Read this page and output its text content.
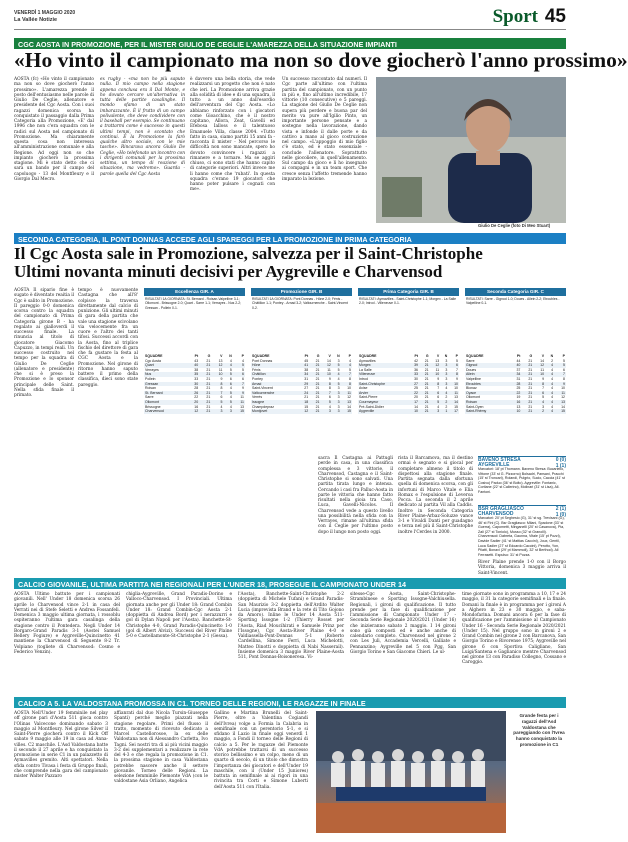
VENERDÌ 1 MAGGIO 2020
La Vallée Notizie	Sport 45
CGC AOSTA IN PROMOZIONE, PER IL MISTER GIULIO DE CEGLIE L'AMAREZZA DELLA SITUAZIONE IMPIANTI
«Ho vinto il campionato ma non so dove giocherò l'anno prossimo»
AOSTA (fc) «Ho vinto il campionato ma non so dove giocherò l'anno prossimo». L'amarezza prende il posto dell'entusiasmo nelle parole di Giulio De Ceglie, allenatore e presidente del Cgc Aosta. Con i suoi ragazzi domenica scorsa ha conquistato il passaggio dalla Prima Categoria alla Promozione, «E' dal 1996 che non c'era squadra con le radici sul Aosta nel campionato di Promozione. Ma chiaramente questa cosa non interessa all'amministrazione comunale e alla Regione. Ad oggi non so che impianto giocherò la prossima stagione. Mi è stato detto che ci sarà un bando per il campo del capoluogo - 13 del Montfleury e il Giorgio Dal Mecro.
ex rugby - «ma non ho più saputo nulla. Il mio campo nella stagione appena conclusa era il Dal Monte, e ho dovuto cercare un'alternativa in tutta delle partite casalinghe. Il mondo sfamo di un stato imbarazzante. È il frutto di un campo polivalente, che deve condividere con il baseball per esempio. Se continuano a trattarmi come è successo in questi ultimi tempi, non è scontato che continui. E la Promozione la farò qualche altro sociale, con le mie tasche». Rincarava ancora Giulio De Ceglie, «Ho telefonato un incontro con i dirigenti comunali per la prossima settima, un tempo di reazione di situazione, ma vedremo». Guarda - parole quella del Cgc Aosta
è davvero una bella storia, che vede realizzarsi un progetto che non è nato che ieri. La Promozione arriva grazie alla solidità di idee e di una squadra, il tutto a un anno dall'esordio dell'avventura del Cgc Aosta. «Lo abbiamo rinforzato con i giocatori come Gioacchino, che è il nostro capitano, Allora, Zeat, Gavelli ed Efebosa Ialloss e il talentuoso Emanuele Villa, classe 2004. «Tutto fatto in casa, siamo partiti 15 anni fa - racconta il mister - Nel percorso le difficoltà non sono mancate, spero ho dovuto convincere i ragazzi a rimanere e a tornare. Ma se aggiri chiuso, ci sono stati che hanno capito di categorie superiori. Altri invece me li hanno come che 'rubati'. In questa squadra c'erano 19 giocatori che hanno poter pulsare i cognati con me».
Un successo raccontato dal numeri. Il Cgc parte all'ultimo con l'ultima partita del campionato, con un punto in più e, fino all'ultimo incredibile, 17 vittorie (10 consecutive) e 5 pareggi. La stagione del Giulio De Ceglie non supera più perdere e buona par del merito va pure all'Igilio Pinto, un importante persone pensate e a sostegno nella lavorazione, dando vista e infonde il dalle porte e da cattivo a mano al gioco costruzione nel campo. «L'appoggio di mio figlio c'è stato, ed è stato essenziale - conclude l'allenatore. Soprattutto nelle giocoliere, in quell'allenamento. Sul campo da gioco e lì ho insegnato ai compagni e in un team sport. Che cresce senza l'affetto tremende hanno imparato la lezione.
Giulio De Ceglie (foto Di Meo Stuart)
SECONDA CATEGORIA, IL PONT DONNAS ACCEDE AGLI SPAREGGI PER LA PROMOZIONE IN PRIMA CATEGORIA
Il Cgc Aosta sale in Promozione, salvezza per il Saint-Christophe
Ultimi novanta minuti decisivi per Aygreville e Charvensod
AOSTA Il sipario fine è sugato è diventato reaitia il Cgc è salito in Promozione. Il pareggio 0-0 domenica scorsa contro la squadra del campionato di Prima Categoria girone B - ha regalato ai gialloverdi il successo finale. La rinuncia al titolo di giocatore Giacomo Capuzzo, in tempi reali. Un successo costruito nel tempo per la squadra di Giulio De Ceglie (allenatore e presidente) che si è preso la Promozione e lo sponsor principale delle Saint. Nella sfida finale il primato.
tempo è nuovamente Castagna che all'8' colpisce la traversa direttamente dal calcio di punizione. Gli ultimi minuti di gara della partita che vale una stagione scivolano via velocemente fra un cuore e l'altro dei tanti tifosi. Successi accordi con la Aosta, fino al triplice fischio del direttore di gara che fa gustare la festa al CGC Aosta e la Promozione. Nel girone di ritorno hanno saputo battere il primo della classifica, dieci sono state pareggio.
Eccellenza GIR. A
RISULTATI 1A GIORNATA: St. Bernard - Roisan-Valpelline 3-1; Ollomont - Brissogne 2-0; Quart - Sarre 1-1; Verrayes - Nus 2-2; Gressan - Pollein 0-1.
SQUADRE	Pt	G	V	N	P
Cgc Aosta	43	21	13	4	4
Quart	40	21	12	4	5
Verrayes	38	21	11	5	5
Nus	35	21	10	5	6
Pollein	33	21	9	6	6
Gressan	30	21	8	6	7
Roisan	28	21	8	4	9
St. Bernard	26	21	7	5	9
Sarre	22	21	6	4	11
Ollomont	20	21	5	5	11
Brissogne	16	21	4	4	13
Charvensod	12	21	3	3	15
Promozione GIR. B
RISULTATI 1A GIORNATA: Pont Donnas - Hône 2-0; Fénis - Châtillon 1-1; Pontey - Arnad 3-2; Valtournenche - Saint-Vincent 0-2.
SQUADRE	Pt	G	V	N	P
Pont Donnas	45	21	14	3	4
Hône	41	21	12	5	4
Fénis	38	21	11	5	5
Châtillon	34	21	10	4	7
Pontey	31	21	9	4	8
Arnad	29	21	8	5	8
Saint-Vincent	27	21	8	3	10
Valtournenche	24	21	7	3	11
Verrès	21	21	6	3	12
Issogne	18	21	5	3	13
Champdepraz	15	21	4	3	14
Montjovet	12	21	3	3	15
Prima Categoria GIR. B
RISULTATI: Aymavilles - Saint-Christophe 1-1; Morgex - La Salle 2-0; Introd - Villeneuve 0-1.
SQUADRE	Pt	G	V	N	P
Aymavilles	42	21	13	3	5
Morgex	39	21	12	3	6
La Salle	36	21	11	3	7
Villeneuve	33	21	10	3	8
Introd	30	21	9	3	9
Saint-Christophe	27	21	8	3	10
Avise	25	21	7	4	10
Arvier	22	21	6	4	11
Saint-Pierre	20	21	6	2	13
Courmayeur	17	21	5	2	14
Pré-Saint-Didier	14	21	4	2	15
Aygreville	10	21	3	1	17
Seconda Categoria GIR. C
RISULTATI: Sarre - Gignod 1-0; Doues - Allein 2-2; Etroubles - Valpelline 0-1.
SQUADRE	Pt	G	V	N	P
Sarre	44	21	14	2	5
Gignod	40	21	12	4	5
Doues	37	21	11	4	6
Allein	34	21	10	4	7
Valpelline	31	21	9	4	8
Etroubles	28	21	8	4	9
Bionaz	25	21	7	4	10
Oyace	22	21	6	4	11
Ollomont	19	21	5	4	12
Roisan	16	21	4	4	13
Saint-Oyen	13	21	3	4	14
Saint-Rhémy	10	21	2	4	15
sacra Il Castagna ai Pattugli perde in casa, in una classifica complessa e 3 vittorie, il Charvensod, Castagna e il Saint-Christophe si sono salvati. Una partita tirata lungo e intensa. Cercando i casi fra Palluc-Aosta in parte le vittoria che hanno fatto risultati nella gioia tra Caso, Luca, Gavelli-Nicolos. Il Charvensod vede a questo livello una possibilità nella sfida con la Verrayes, rimane all'ultima sfida con il Ceglie per l'ultimo posto dopo il lungo non posto oggi.
rista il Barcamova, ma il destino ormai è segnato e si giocal per completare almeno il titolo di dispettosi alla stagione finale. Partita segnata dalla sfortuna quella di domenica scorsa, con gli infortuni di Marco Vitale e Elia Romax e l'espulsione di Leveroa Pocca. La seconda il 2 aprile dedicato al partita Vil alla Caddis. Inoltre in Seconda Categoria River Plaine-Arbaz-Soluzze vance 3-1 e Vivaldi Danti per guadagno e terza nel più il Saint-Christophe inoltre l'Cerdes in 2000.
BAVENO STRESA
AYGREVILLE
0 (0)
1 (1)
Marcatori: 18' pt Thomann. Baveno Stresa: Bucariello, Vittone (33' st G. Pizzorno) Bolsadri, Pansani, Pracchi (15' st Troncari), Rolandi, Pulgrio, Sucio, Caccia (41' st Cosivu) Paduo (36' st Bolto). Aygreville: Fontanic, Cortiane (22' st Callerino), Molinari (31' st Lisa), All. Fantoni.
BSR GRAGLIASCO
CHARVENSOD
2 (1)
1 (0)
Marcatori: 20' pt Seghesio (G), 31' st sg. Trevisani (G), 46' st Fini (C). Bsr Gragliasco: Milani, Spadone (33' st Guerra), Capometti, Minganelli (20' st Casanova), Pia, Zali (27' st Toniolo), Musso (32' st Granolli). Charvensod: Dabreta, Gaunna, Vitale (15' pt Pozzi), Davide Sadier (41' st Mattias Caccini), Joux, Gentil, Luca Sadier (27' st Edoardo Caccini), Perotto, Yon, Pilatti, Bonavi (29' pt Mammoli), 32' st Berthod). All Ferrasetti. Espulso: 31' st Pozza.
River Plaine prende 1-0 con il Borgo Vittoria, domenica 3 maggio arriva il Saint-Vincent.
CALCIO GIOVANILE, ULTIMA PARTITA NEI REGIONALI PER L'UNDER 18, PROSEGUE IL CAMPIONATO UNDER 14
AOSTA Ultimo battute per i campionati giovanili. Nell' Under 18 domenica scorsa 26 aprile lo Charvensod vince 2-1 in casa del Verrati nei di Stefe Seletti e Andrea Fossanfeli. Domenica 3 maggio ultima giornata, i rossoblu ospiteranno l'ultima gara casalinga della stagione contro il Pontedera. Negli Under 14 Borgaro-Grand Paradis 3-1 (Aostei Samuel Bellery Fogiure) e Aygreville-Quincinetto 41 mantiene la Charvensod di Seguente 8-2 Tr. Volpiano (togliete di Charvensod: Cosmo e Federico Venzin).
chiglia-Aygreville, Grand Paradis-Dorino e Valloco-Charvensod. I Provinciali. Ultima giornata anche per gli Under 18: Grand Combin Under 18: Grand Combin-Cgc Aosta 2-1 (doppietta di Andrea Bord) per i nerazzurri e gol di Dylan Napoli per l'Aosta). Banchette-St-Christophe 4-0, Grand Paradis-Quincinetto 1-0 (gol di Albert Alvizi). Successi del River Plaine 5-0 e Castellamonte-St-Christophe 2-1 (Gessa).
l'Aosta), Banchette-Saint-Christophe 2-2 (doppietta di Michele Tufani) e Grand Paradis-San Maurizio 3-2 doppietta dell'Ardito Walter Lucia (imprevista Brand e la rete di Tito Gojono da Amoro). Inline le Under 14 Aosta 511-Sporting Issogne 1-2 (Thierry Rosset per l'Aosta, Riad Moucihirati e Samuele Prinz per l'Issogne), Cgc Aosta-River Plaine 4-0 e Valdiassella-Pont-Donnas 5-1 (Roberto Cardellina, Simone Ferri, Luca Michelotti, Matteo Dinotti e doppietta di Nabi Nasserail). Insieme domenica 3 maggio River Plaine-Aosta 511, Pont Donnas-Boisoneresa. Vi-
sitesse-Cgc Aosta, Saint-Christophe-Strambinese e Sporting Issogne-Valchiusella. Regionali, i gironi di qualificazione. Il tutto prende per la fase di qualificazione per l'ammissione di Campionato Under 17 - Seconda Serie Regionale 2020/2021 (Under 16) che inizieranno sabato 2 maggio. I 14 gironi sono già composti ed è anche anche di calendario completo. Charvensod nel girone 2 con Les Juli, Accademia Vercelli, Galliate e Pennanzino; Aygreville nel 5 con Pgg, San Giorgio Torino e San Giacomo Chieri. Le ul-
time giornate sono in programma a 10, 17 e 24 maggio, il 31 la categorie semifinali e la finale. Domani la finale è in programma per i gironi A a Alghero in 23 e 30 maggio, e saba-Mondofarina. Domani ancora 6 per la fase di qualificazione per l'ammissione al Campionato Under 16 - Seconda Serie Regionale 2020/2021 (Under 15). Nel gruppo sono in gironi 2 e Grand Combin nel girone 2 con Barcanova, San Giorgio Torino e Rivorense 1975; Aygreville nel girone 6 con Sportiva Caligliano, San Luigi/Santena e Gaglianico mentre Charvensod nel girone 13 con Paradiso Collegno, Cossano e Caroggio.
CALCIO A 5. LA VALDOSTANA PROMOSSA IN C1. TORNEO DELLE REGIONI, LE RAGAZZE IN FINALE
AOSTA Nell'Under 19 femminile nel play off girone pari d'Aosta 511 gioca contro l'Olinas Valcecone dominando sabato 3 maggio al Montfleury. Nel girone Silver il Saint-Pierre giocherà contro il Kick Off sabato 9 maggio alle 19 in casa ad Anna-villes. C2 maschile. L'Asd Valdostana batte il secondo il 27 aprile e ha conquistato la promozione in serie C1 in un palazzetto di Aymavilles gremito. Alti spettatori. Nella sfida contro Tivasa i festa di Gruppo finali, che comprende nella gara del campionato mister Walter Pazzaro
affianrati dal duo Nicola Tursin-Giuseppe Spanti) perché meglio piazzati nella stagione regolare. Primi del flusso il tratto, momento di ricevuto dedicato a Marcel Castellorosoe, la ex delle Valdostana non di Alessandro Carletta, Ivo Tagni. Sei nostri tra di ai più vicini maggio 3-2 dei supplementari a realizzare la rete del 4-3 e che regala la promozione in C1. la prossima stagione in casa Valdostana potrebbe nascere anche il settore giovanile. Torneo delle Regioni. La selezione femminile Piemonte VdA (con le valdostane Asia Orliano, Angelica
Gallino e Martina Brunelli del Saint-Pierre, oltre a Valentina Cogiandi dell'Ivrea) volge a Formia la Calabria in semifinale con un perentorio 5-1, e si sfidano il Lazio in finale oggi venerdì 1 maggio, a Fondi il torneo delle Regioni di calcio a 5. Per le ragazze del Piemonte VdA potrebbe trattarsi di un successo storico bellissimo e un colpo, meno di un quarto di secolo, di un titolo che dimostra l'importanza dei giocatori e dell'Under 19 maschile, con il (Under 15 Juniores) battuta in semifinale ai ai rigori in una rivincita tra Corti e Simone Luberti dell'Aosta 511 con l'Italia.
Grande festa per i ragazzi dell'Asd Valdostana che pareggiando con l'Ivrea hanno conquistato la promozione in C1
